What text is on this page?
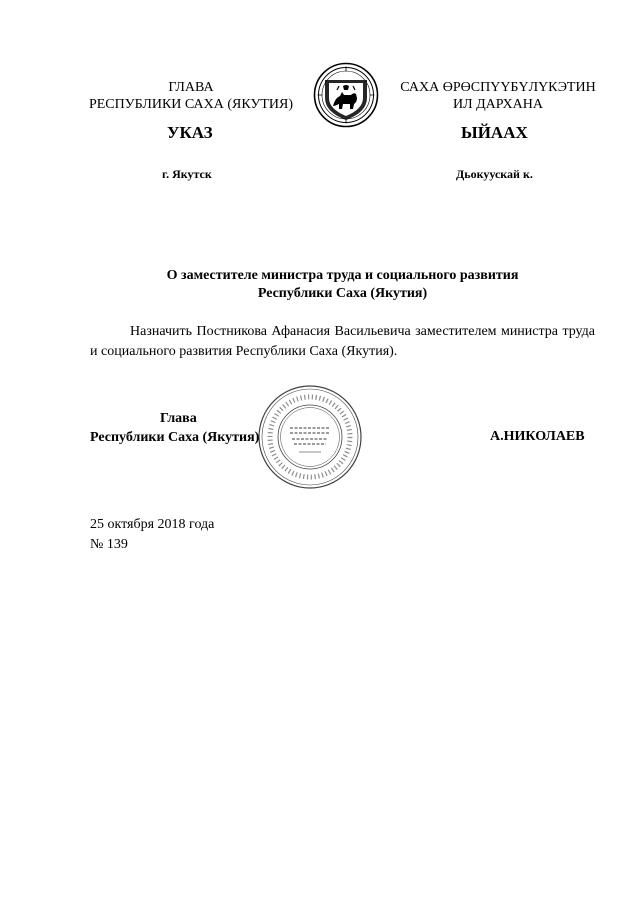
ГЛАВА
РЕСПУБЛИКИ САХА (ЯКУТИЯ)
САХА ӨРӨСПҮҮБҮЛҮКЭТИН
ИЛ ДАРХАНА
УКАЗ	ЫЙААХ
г. Якутск	Дьокуускай к.
О заместителе министра труда и социального развития
Республики Саха (Якутия)
Назначить Постникова Афанасия Васильевича заместителем министра труда и социального развития Республики Саха (Якутия).
Глава
Республики Саха (Якутия)	А.НИКОЛАЕВ
25 октября 2018 года
№ 139
